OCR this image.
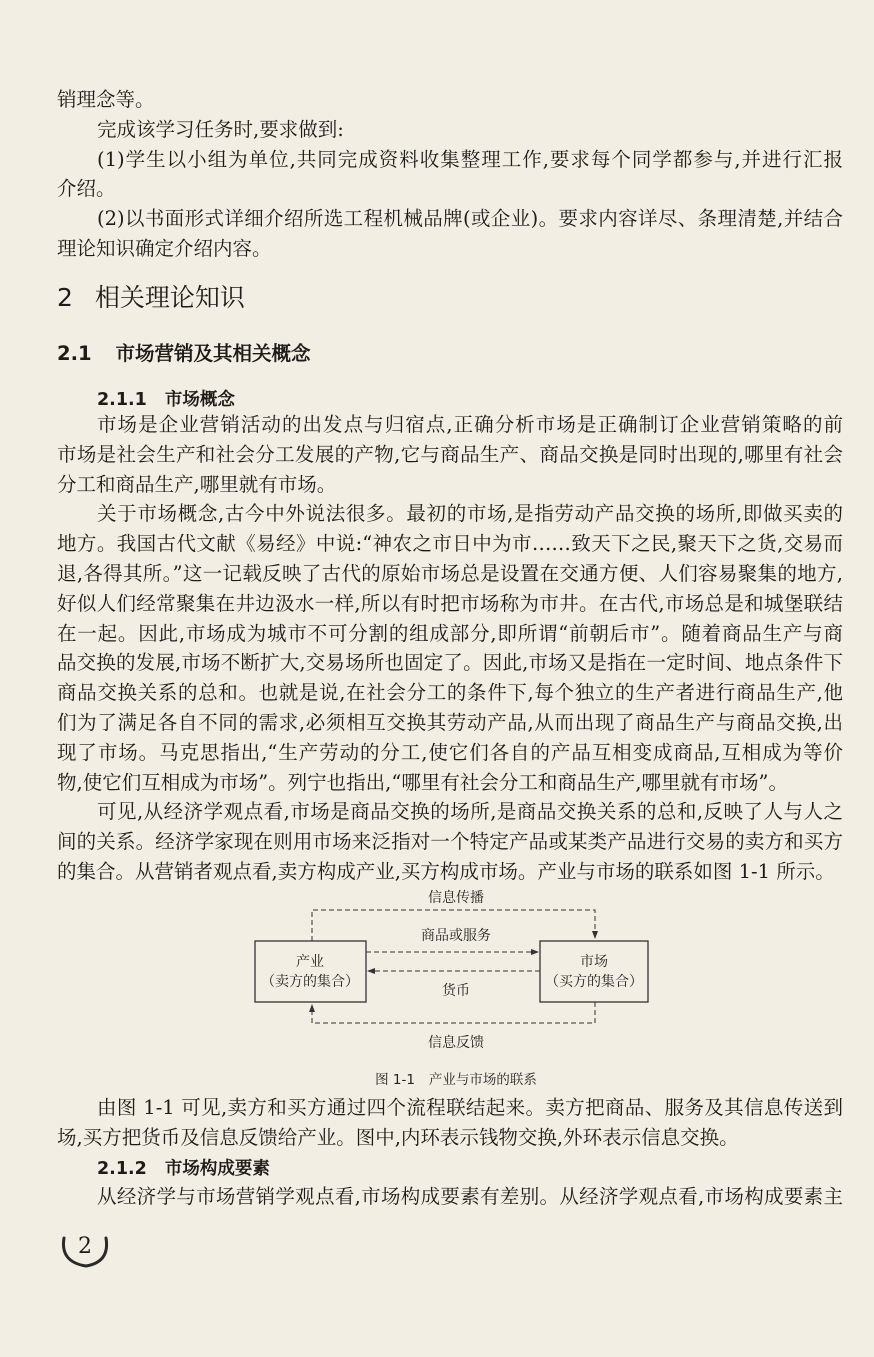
销理念等。
完成该学习任务时,要求做到:
(1)学生以小组为单位,共同完成资料收集整理工作,要求每个同学都参与,并进行汇报
介绍。
(2)以书面形式详细介绍所选工程机械品牌(或企业)。要求内容详尽、条理清楚,并结合
理论知识确定介绍内容。
2 相关理论知识
2.1 市场营销及其相关概念
2.1.1 市场概念
市场是企业营销活动的出发点与归宿点,正确分析市场是正确制订企业营销策略的前
市场是社会生产和社会分工发展的产物,它与商品生产、商品交换是同时出现的,哪里有社会
分工和商品生产,哪里就有市场。
关于市场概念,古今中外说法很多。最初的市场,是指劳动产品交换的场所,即做买卖的
地方。我国古代文献《易经》中说:“神农之市日中为市……致天下之民,聚天下之货,交易而
退,各得其所。”这一记载反映了古代的原始市场总是设置在交通方便、人们容易聚集的地方,
好似人们经常聚集在井边汲水一样,所以有时把市场称为市井。在古代,市场总是和城堡联结
在一起。因此,市场成为城市不可分割的组成部分,即所谓“前朝后市”。随着商品生产与商
品交换的发展,市场不断扩大,交易场所也固定了。因此,市场又是指在一定时间、地点条件下
商品交换关系的总和。也就是说,在社会分工的条件下,每个独立的生产者进行商品生产,他
们为了满足各自不同的需求,必须相互交换其劳动产品,从而出现了商品生产与商品交换,出
现了市场。马克思指出,“生产劳动的分工,使它们各自的产品互相变成商品,互相成为等价
物,使它们互相成为市场”。列宁也指出,“哪里有社会分工和商品生产,哪里就有市场”。
可见,从经济学观点看,市场是商品交换的场所,是商品交换关系的总和,反映了人与人之
间的关系。经济学家现在则用市场来泛指对一个特定产品或某类产品进行交易的卖方和买方
的集合。从营销者观点看,卖方构成产业,买方构成市场。产业与市场的联系如图 1-1 所示。
信息传播
商品或服务
货币
信息反馈
产业
（卖方的集合）
市场
（买方的集合）
图 1-1 产业与市场的联系
由图 1-1 可见,卖方和买方通过四个流程联结起来。卖方把商品、服务及其信息传送到
场,买方把货币及信息反馈给产业。图中,内环表示钱物交换,外环表示信息交换。
2.1.2 市场构成要素
从经济学与市场营销学观点看,市场构成要素有差别。从经济学观点看,市场构成要素主
2
